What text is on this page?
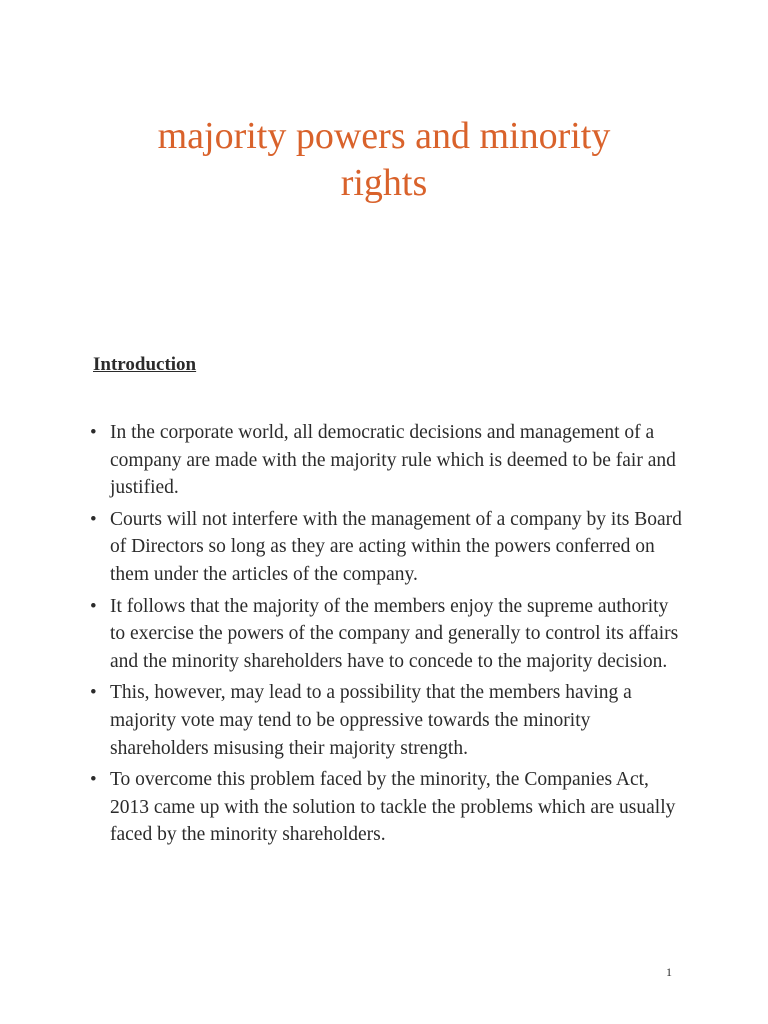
majority powers and minority
rights
Introduction
• In the corporate world, all democratic decisions and management of a company are made with the majority rule which is deemed to be fair and justified.
• Courts will not interfere with the management of a company by its Board of Directors so long as they are acting within the powers conferred on them under the articles of the company.
• It follows that the majority of the members enjoy the supreme authority to exercise the powers of the company and generally to control its affairs and the minority shareholders have to concede to the majority decision.
• This, however, may lead to a possibility that the members having a majority vote may tend to be oppressive towards the minority shareholders misusing their majority strength.
• To overcome this problem faced by the minority, the Companies Act, 2013 came up with the solution to tackle the problems which are usually faced by the minority shareholders.
1
